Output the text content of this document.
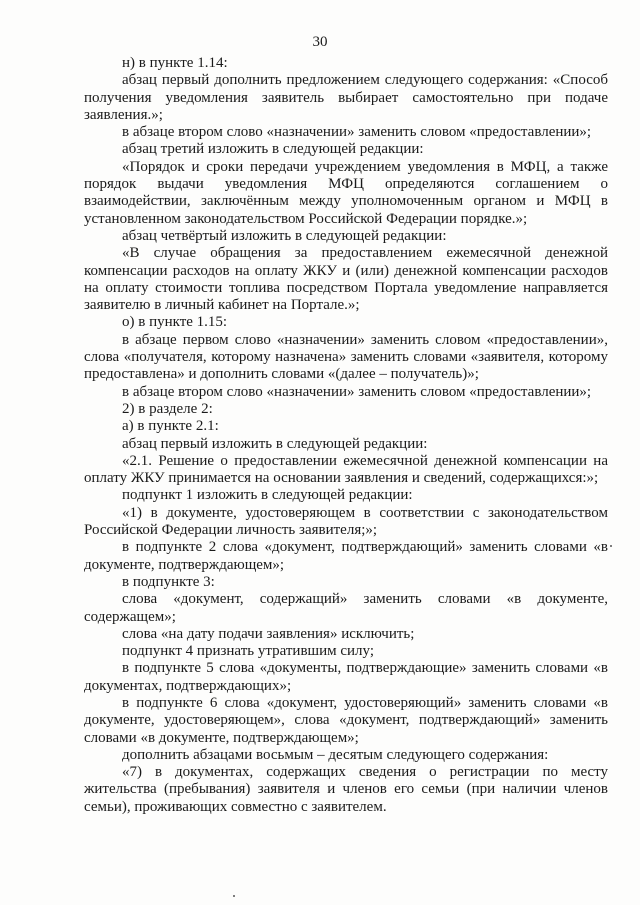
30

н) в пункте 1.14:

абзац первый дополнить предложением следующего содержания: «Способ получения уведомления заявитель выбирает самостоятельно при подаче заявления.»;

в абзаце втором слово «назначении» заменить словом «предоставлении»;

абзац третий изложить в следующей редакции:

«Порядок и сроки передачи учреждением уведомления в МФЦ, а также порядок выдачи уведомления МФЦ определяются соглашением о взаимодействии, заключённым между уполномоченным органом и МФЦ в установленном законодательством Российской Федерации порядке.»;

абзац четвёртый изложить в следующей редакции:

«В случае обращения за предоставлением ежемесячной денежной компенсации расходов на оплату ЖКУ и (или) денежной компенсации расходов на оплату стоимости топлива посредством Портала уведомление направляется заявителю в личный кабинет на Портале.»;

о) в пункте 1.15:

в абзаце первом слово «назначении» заменить словом «предоставлении», слова «получателя, которому назначена» заменить словами «заявителя, которому предоставлена» и дополнить словами «(далее – получатель)»;

в абзаце втором слово «назначении» заменить словом «предоставлении»;

2) в разделе 2:

а) в пункте 2.1:

абзац первый изложить в следующей редакции:

«2.1. Решение о предоставлении ежемесячной денежной компенсации на оплату ЖКУ принимается на основании заявления и сведений, содержащихся:»;

подпункт 1 изложить в следующей редакции:

«1) в документе, удостоверяющем в соответствии с законодательством Российской Федерации личность заявителя;»;

в подпункте 2 слова «документ, подтверждающий» заменить словами «в документе, подтверждающем»;

в подпункте 3:

слова «документ, содержащий» заменить словами «в документе, содержащем»;

слова «на дату подачи заявления» исключить;

подпункт 4 признать утратившим силу;

в подпункте 5 слова «документы, подтверждающие» заменить словами «в документах, подтверждающих»;

в подпункте 6 слова «документ, удостоверяющий» заменить словами «в документе, удостоверяющем», слова «документ, подтверждающий» заменить словами «в документе, подтверждающем»;

дополнить абзацами восьмым – десятым следующего содержания:

«7) в документах, содержащих сведения о регистрации по месту жительства (пребывания) заявителя и членов его семьи (при наличии членов семьи), проживающих совместно с заявителем.
